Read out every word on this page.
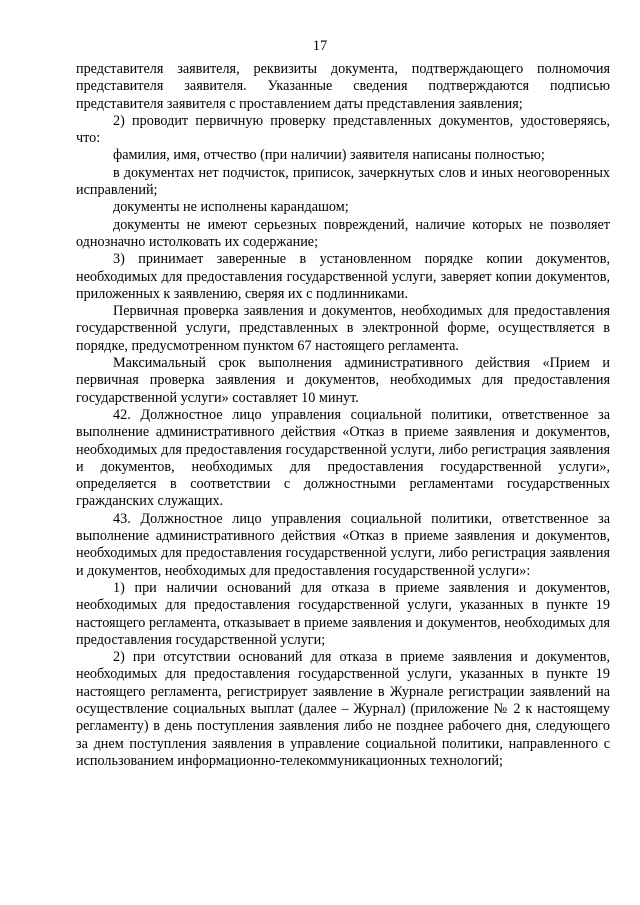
17

представителя заявителя, реквизиты документа, подтверждающего полномочия представителя заявителя. Указанные сведения подтверждаются подписью представителя заявителя с проставлением даты представления заявления;

2) проводит первичную проверку представленных документов, удостоверяясь, что:

фамилия, имя, отчество (при наличии) заявителя написаны полностью;

в документах нет подчисток, приписок, зачеркнутых слов и иных неоговоренных исправлений;

документы не исполнены карандашом;

документы не имеют серьезных повреждений, наличие которых не позволяет однозначно истолковать их содержание;

3) принимает заверенные в установленном порядке копии документов, необходимых для предоставления государственной услуги, заверяет копии документов, приложенных к заявлению, сверяя их с подлинниками.

Первичная проверка заявления и документов, необходимых для предоставления государственной услуги, представленных в электронной форме, осуществляется в порядке, предусмотренном пунктом 67 настоящего регламента.

Максимальный срок выполнения административного действия «Прием и первичная проверка заявления и документов, необходимых для предоставления государственной услуги» составляет 10 минут.

42. Должностное лицо управления социальной политики, ответственное за выполнение административного действия «Отказ в приеме заявления и документов, необходимых для предоставления государственной услуги, либо регистрация заявления и документов, необходимых для предоставления государственной услуги», определяется в соответствии с должностными регламентами государственных гражданских служащих.

43. Должностное лицо управления социальной политики, ответственное за выполнение административного действия «Отказ в приеме заявления и документов, необходимых для предоставления государственной услуги, либо регистрация заявления и документов, необходимых для предоставления государственной услуги»:

1) при наличии оснований для отказа в приеме заявления и документов, необходимых для предоставления государственной услуги, указанных в пункте 19 настоящего регламента, отказывает в приеме заявления и документов, необходимых для предоставления государственной услуги;

2) при отсутствии оснований для отказа в приеме заявления и документов, необходимых для предоставления государственной услуги, указанных в пункте 19 настоящего регламента, регистрирует заявление в Журнале регистрации заявлений на осуществление социальных выплат (далее – Журнал) (приложение № 2 к настоящему регламенту) в день поступления заявления либо не позднее рабочего дня, следующего за днем поступления заявления в управление социальной политики, направленного с использованием информационно-телекоммуникационных технологий;
